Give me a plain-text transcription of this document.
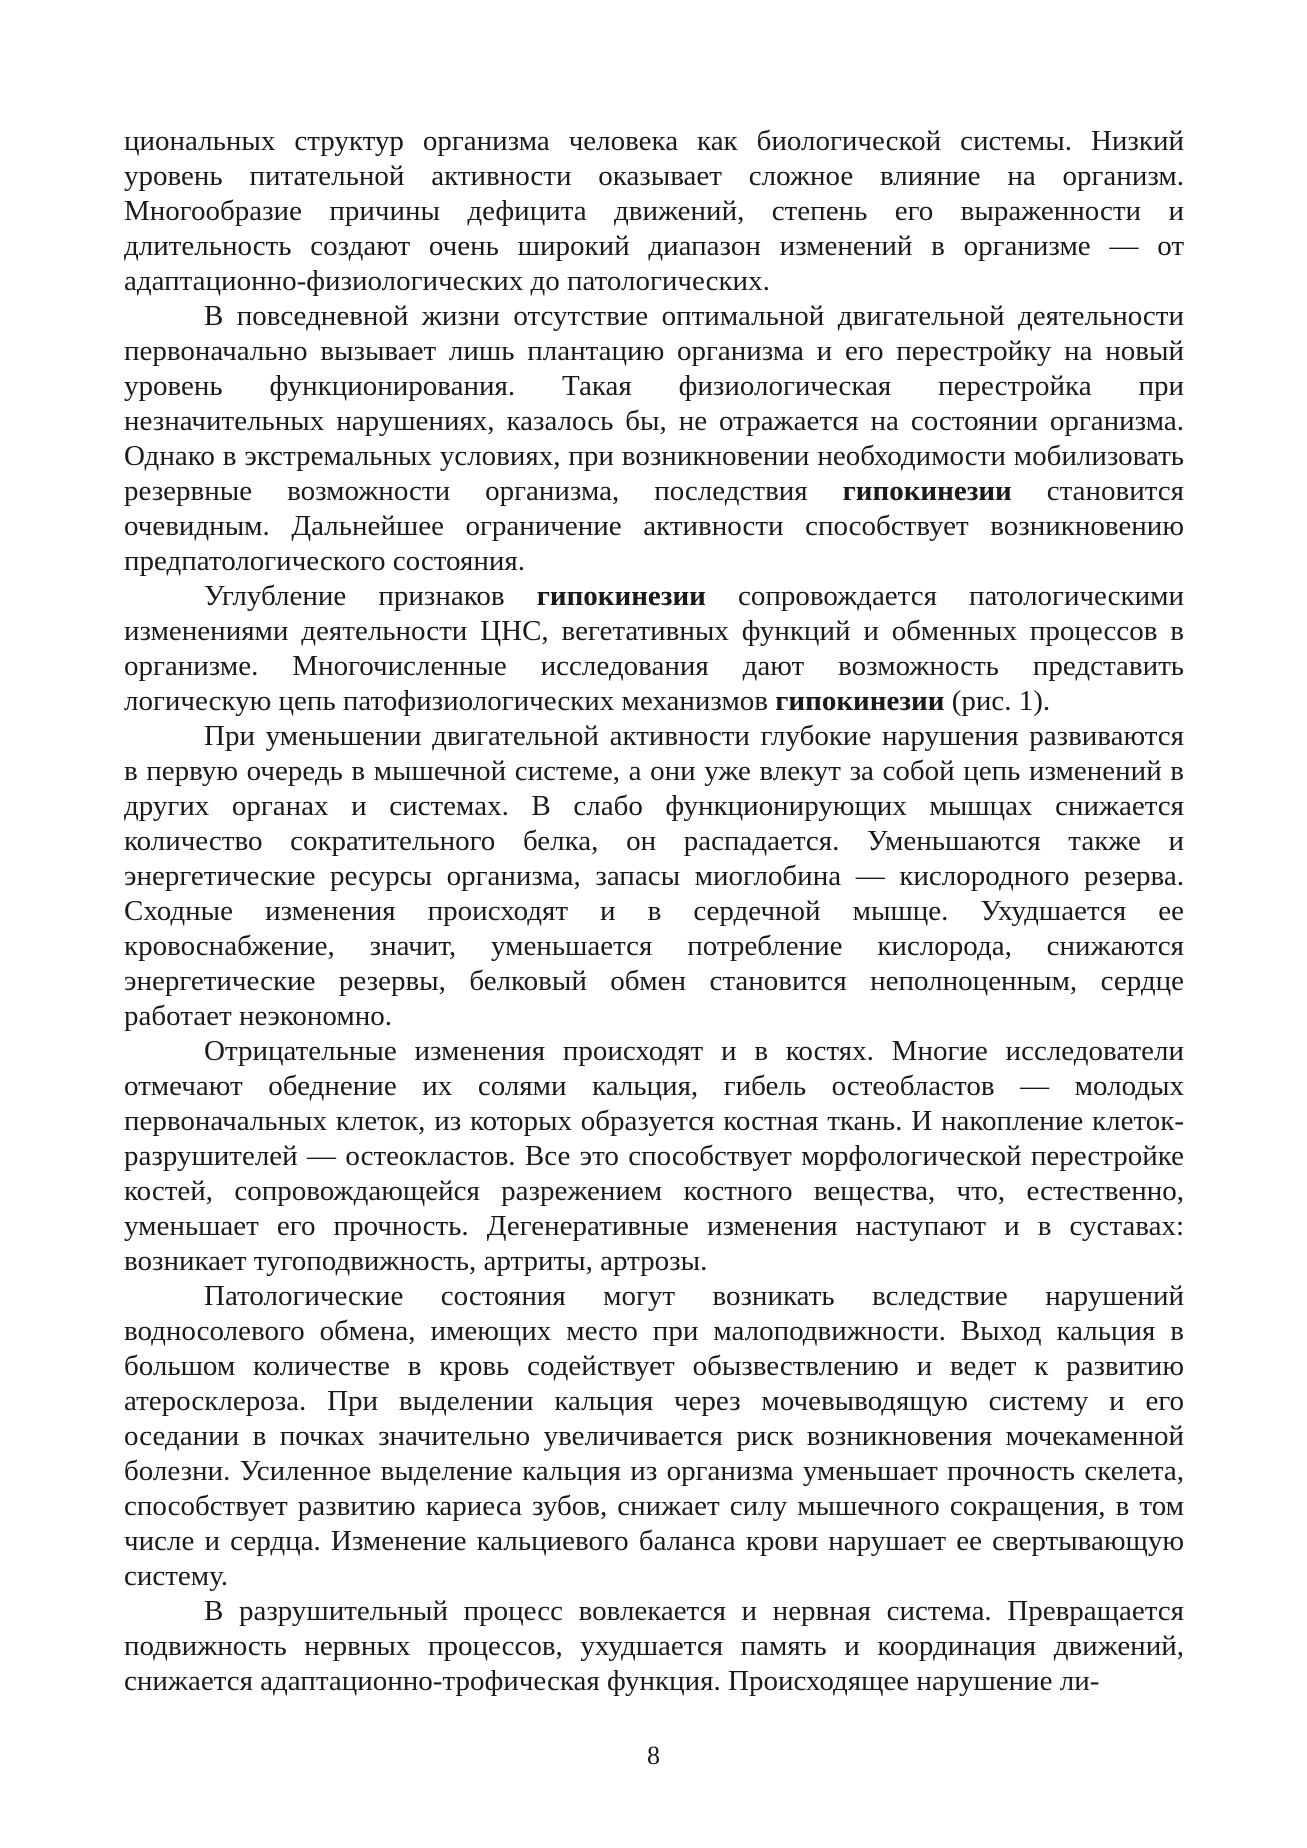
циональных структур организма человека как биологической системы. Низкий уровень питательной активности оказывает сложное влияние на организм. Многообразие причины дефицита движений, степень его выраженности и длительность создают очень широкий диапазон изменений в организме — от адаптационно-физиологических до патологических.

В повседневной жизни отсутствие оптимальной двигательной деятельности первоначально вызывает лишь плантацию организма и его перестройку на новый уровень функционирования. Такая физиологическая перестройка при незначительных нарушениях, казалось бы, не отражается на состоянии организма. Однако в экстремальных условиях, при возникновении необходимости мобилизовать резервные возможности организма, последствия гипокинезии становится очевидным. Дальнейшее ограничение активности способствует возникновению предпатологического состояния.

Углубление признаков гипокинезии сопровождается патологическими изменениями деятельности ЦНС, вегетативных функций и обменных процессов в организме. Многочисленные исследования дают возможность представить логическую цепь патофизиологических механизмов гипокинезии (рис. 1).

При уменьшении двигательной активности глубокие нарушения развиваются в первую очередь в мышечной системе, а они уже влекут за собой цепь изменений в других органах и системах. В слабо функционирующих мышцах снижается количество сократительного белка, он распадается. Уменьшаются также и энергетические ресурсы организма, запасы миоглобина — кислородного резерва. Сходные изменения происходят и в сердечной мышце. Ухудшается ее кровоснабжение, значит, уменьшается потребление кислорода, снижаются энергетические резервы, белковый обмен становится неполноценным, сердце работает неэкономно.

Отрицательные изменения происходят и в костях. Многие исследователи отмечают обеднение их солями кальция, гибель остеобластов — молодых первоначальных клеток, из которых образуется костная ткань. И накопление клеток-разрушителей — остеокластов. Все это способствует морфологической перестройке костей, сопровождающейся разрежением костного вещества, что, естественно, уменьшает его прочность. Дегенеративные изменения наступают и в суставах: возникает тугоподвижность, артриты, артрозы.

Патологические состояния могут возникать вследствие нарушений водносолевого обмена, имеющих место при малоподвижности. Выход кальция в большом количестве в кровь содействует обызвествлению и ведет к развитию атеросклероза. При выделении кальция через мочевыводящую систему и его оседании в почках значительно увеличивается риск возникновения мочекаменной болезни. Усиленное выделение кальция из организма уменьшает прочность скелета, способствует развитию кариеса зубов, снижает силу мышечного сокращения, в том числе и сердца. Изменение кальциевого баланса крови нарушает ее свертывающую систему.

В разрушительный процесс вовлекается и нервная система. Превращается подвижность нервных процессов, ухудшается память и координация движений, снижается адаптационно-трофическая функция. Происходящее нарушение ли-

8
